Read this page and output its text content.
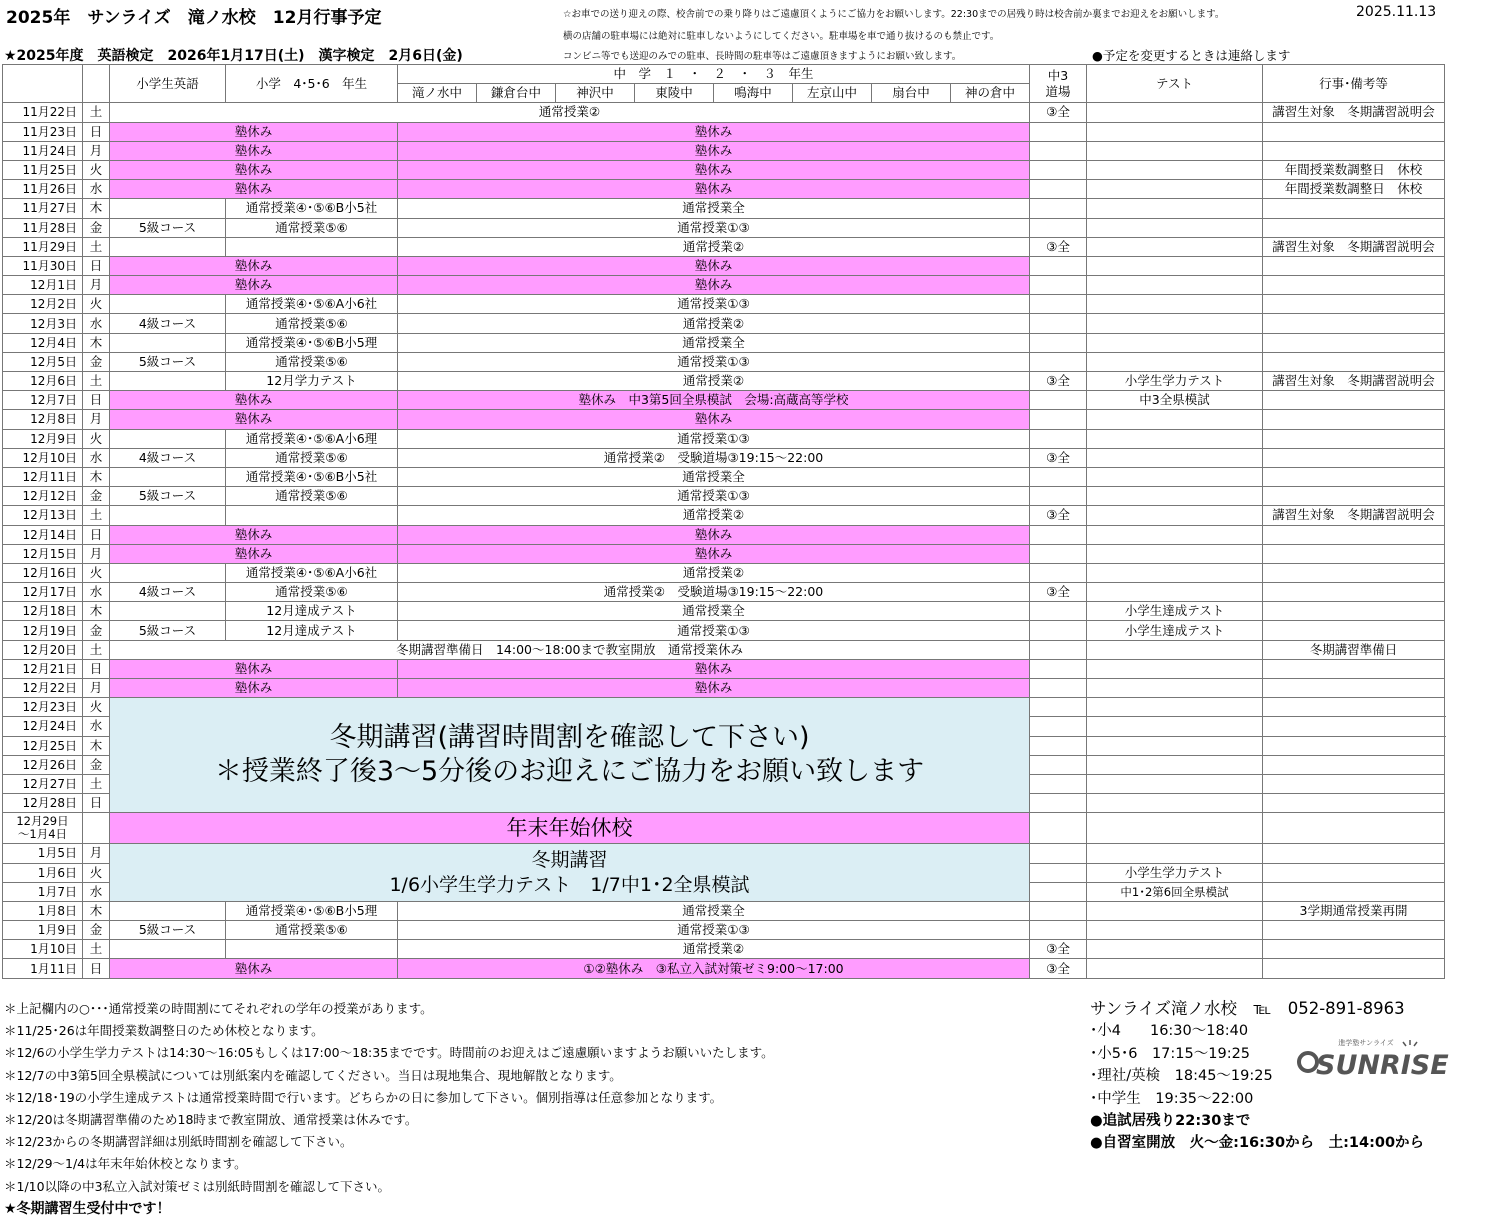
2025年　サンライズ　滝ノ水校　12月行事予定	2025.11.13
☆お車での送り迎えの際、校舎前での乗り降りはご遠慮頂くようにご協力をお願いします。22:30までの居残り時は校舎前か裏までお迎えをお願いします。
横の店舗の駐車場には絶対に駐車しないようにしてください。駐車場を車で通り抜けるのも禁止です。
コンビニ等でも送迎のみでの駐車、長時間の駐車等はご遠慮頂きますようにお願い致します。
★2025年度　英語検定　2026年1月17日(土)　漢字検定　2月6日(金)	●予定を変更するときは連絡します
		小学生英語	小学　4･5･6　年生	中　学　１　・　２　・　３　年生								中3
道場	テスト	行事･備考等	
				滝ノ水中	鎌倉台中	神沢中	東陵中	鳴海中	左京山中	扇台中	神の倉中				
11月22日	土	通常授業②										③全		講習生対象　冬期講習説明会	
11月23日	日	塾休み		塾休み											
11月24日	月	塾休み		塾休み											
11月25日	火	塾休み		塾休み										年間授業数調整日　休校	
11月26日	水	塾休み		塾休み										年間授業数調整日　休校	
11月27日	木		通常授業④･⑤⑥B小5社	通常授業全											
11月28日	金	5級コース	通常授業⑤⑥	通常授業①③											
11月29日	土			通常授業②								③全		講習生対象　冬期講習説明会	
11月30日	日	塾休み		塾休み											
12月1日	月	塾休み		塾休み											
12月2日	火		通常授業④･⑤⑥A小6社	通常授業①③											
12月3日	水	4級コース	通常授業⑤⑥	通常授業②											
12月4日	木		通常授業④･⑤⑥B小5理	通常授業全											
12月5日	金	5級コース	通常授業⑤⑥	通常授業①③											
12月6日	土		12月学力テスト	通常授業②								③全	小学生学力テスト	講習生対象　冬期講習説明会	
12月7日	日	塾休み		塾休み　中3第5回全県模試　会場:高蔵高等学校									中3全県模試		
12月8日	月	塾休み		塾休み											
12月9日	火		通常授業④･⑤⑥A小6理	通常授業①③											
12月10日	水	4級コース	通常授業⑤⑥	通常授業②　受験道場③19:15～22:00								③全			
12月11日	木		通常授業④･⑤⑥B小5社	通常授業全											
12月12日	金	5級コース	通常授業⑤⑥	通常授業①③											
12月13日	土			通常授業②								③全		講習生対象　冬期講習説明会	
12月14日	日	塾休み		塾休み											
12月15日	月	塾休み		塾休み											
12月16日	火		通常授業④･⑤⑥A小6社	通常授業②											
12月17日	水	4級コース	通常授業⑤⑥	通常授業②　受験道場③19:15～22:00								③全			
12月18日	木		12月達成テスト	通常授業全									小学生達成テスト		
12月19日	金	5級コース	12月達成テスト	通常授業①③									小学生達成テスト		
12月20日	土	冬期講習準備日　14:00～18:00まで教室開放　通常授業休み												冬期講習準備日	
12月21日	日	塾休み		塾休み											
12月22日	月	塾休み		塾休み											
12月23日	火	冬期講習(講習時間割を確認して下さい)
＊授業終了後3～5分後のお迎えにご協力をお願い致します													

12月24日	水														
12月25日	木														
12月26日	金														
12月27日	土														
12月28日	日														
12月29日
～1月4日		年末年始休校													
1月5日	月	冬期講習
1/6小学生学力テスト　1/7中1･2全県模試													

1月6日	火												小学生学力テスト		
1月7日	水												中1･2第6回全県模試		
1月8日	木		通常授業④･⑤⑥B小5理	通常授業全										3学期通常授業再開	
1月9日	金	5級コース	通常授業⑤⑥	通常授業①③											
1月10日	土			通常授業②								③全			
1月11日	日	塾休み		①②塾休み　③私立入試対策ゼミ9:00～17:00								③全			
＊上記欄内の○･･･通常授業の時間割にてそれぞれの学年の授業があります。
＊11/25･26は年間授業数調整日のため休校となります。
＊12/6の小学生学力テストは14:30～16:05もしくは17:00～18:35までです。時間前のお迎えはご遠慮願いますようお願いいたします。
＊12/7の中3第5回全県模試については別紙案内を確認してください。当日は現地集合、現地解散となります。
＊12/18･19の小学生達成テストは通常授業時間で行います。どちらかの日に参加して下さい。個別指導は任意参加となります。
＊12/20は冬期講習準備のため18時まで教室開放、通常授業は休みです。
＊12/23からの冬期講習詳細は別紙時間割を確認して下さい。
＊12/29～1/4は年末年始休校となります。
＊1/10以降の中3私立入試対策ゼミは別紙時間割を確認して下さい。
★冬期講習生受付中です！
サンライズ滝ノ水校　℡　052-891-8963
･小4　　16:30～18:40
･小5･6　17:15～19:25
･理社/英検　18:45～19:25
･中学生　19:35～22:00
●追試居残り22:30まで
●自習室開放　火～金:16:30から　土:14:00から
進学塾サンライズ
SUNRISE
